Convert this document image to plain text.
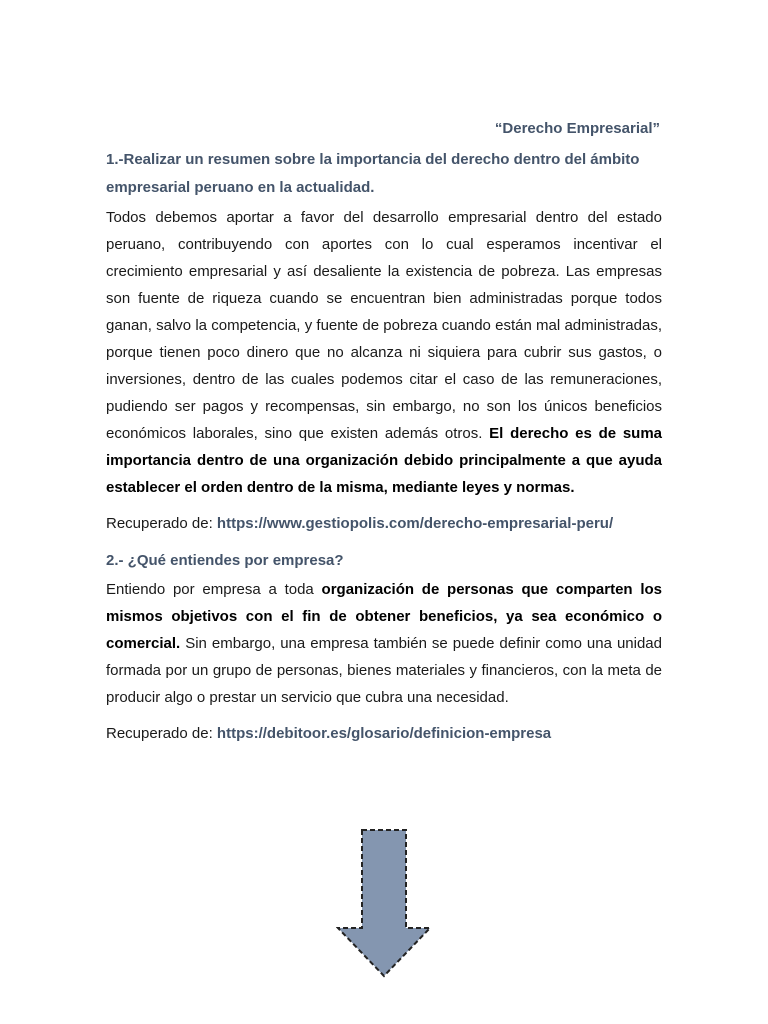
“Derecho Empresarial”

1.-Realizar un resumen sobre la importancia del derecho dentro del ámbito empresarial peruano en la actualidad.

Todos debemos aportar a favor del desarrollo empresarial dentro del estado peruano, contribuyendo con aportes con lo cual esperamos incentivar el crecimiento empresarial y así desaliente la existencia de pobreza. Las empresas son fuente de riqueza cuando se encuentran bien administradas porque todos ganan, salvo la competencia, y fuente de pobreza cuando están mal administradas, porque tienen poco dinero que no alcanza ni siquiera para cubrir sus gastos, o inversiones, dentro de las cuales podemos citar el caso de las remuneraciones, pudiendo ser pagos y recompensas, sin embargo, no son los únicos beneficios económicos laborales, sino que existen además otros. El derecho es de suma importancia dentro de una organización debido principalmente a que ayuda establecer el orden dentro de la misma, mediante leyes y normas.

Recuperado de: https://www.gestiopolis.com/derecho-empresarial-peru/

2.- ¿Qué entiendes por empresa?

Entiendo por empresa a toda organización de personas que comparten los mismos objetivos con el fin de obtener beneficios, ya sea económico o comercial. Sin embargo, una empresa también se puede definir como una unidad formada por un grupo de personas, bienes materiales y financieros, con la meta de producir algo o prestar un servicio que cubra una necesidad.

Recuperado de: https://debitoor.es/glosario/definicion-empresa
